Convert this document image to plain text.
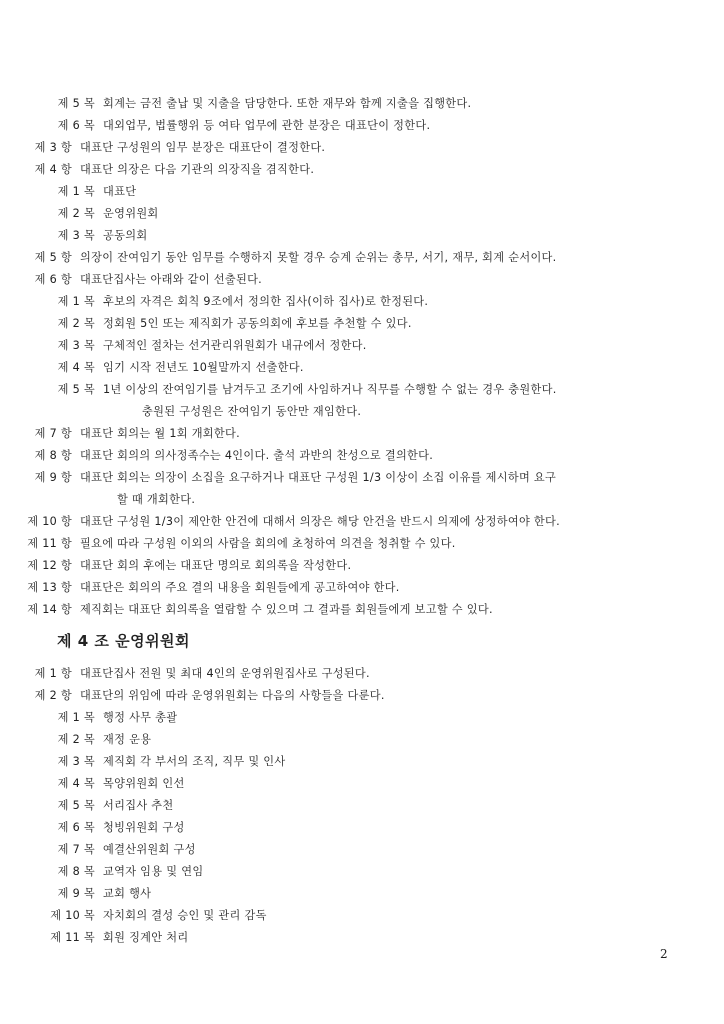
제 5 목 회계는 금전 출납 및 지출을 담당한다. 또한 재무와 함께 지출을 집행한다.
제 6 목 대외업무, 법률행위 등 여타 업무에 관한 분장은 대표단이 정한다.
제 3 항 대표단 구성원의 임무 분장은 대표단이 결정한다.
제 4 항 대표단 의장은 다음 기관의 의장직을 겸직한다.
제 1 목 대표단
제 2 목 운영위원회
제 3 목 공동의회
제 5 항 의장이 잔여임기 동안 임무를 수행하지 못할 경우 승계 순위는 총무, 서기, 재무, 회계 순서이다.
제 6 항 대표단집사는 아래와 같이 선출된다.
제 1 목 후보의 자격은 회칙 9조에서 정의한 집사(이하 집사)로 한정된다.
제 2 목 정회원 5인 또는 제직회가 공동의회에 후보를 추천할 수 있다.
제 3 목 구체적인 절차는 선거관리위원회가 내규에서 정한다.
제 4 목 임기 시작 전년도 10월말까지 선출한다.
제 5 목 1년 이상의 잔여임기를 남겨두고 조기에 사임하거나 직무를 수행할 수 없는 경우 충원한다.
충원된 구성원은 잔여임기 동안만 재임한다.
제 7 항 대표단 회의는 월 1회 개회한다.
제 8 항 대표단 회의의 의사정족수는 4인이다. 출석 과반의 찬성으로 결의한다.
제 9 항 대표단 회의는 의장이 소집을 요구하거나 대표단 구성원 1/3 이상이 소집 이유를 제시하며 요구
할 때 개회한다.
제 10 항 대표단 구성원 1/3이 제안한 안건에 대해서 의장은 해당 안건을 반드시 의제에 상정하여야 한다.
제 11 항 필요에 따라 구성원 이외의 사람을 회의에 초청하여 의견을 청취할 수 있다.
제 12 항 대표단 회의 후에는 대표단 명의로 회의록을 작성한다.
제 13 항 대표단은 회의의 주요 결의 내용을 회원들에게 공고하여야 한다.
제 14 항 제직회는 대표단 회의록을 열람할 수 있으며 그 결과를 회원들에게 보고할 수 있다.
제 4 조 운영위원회
제 1 항 대표단집사 전원 및 최대 4인의 운영위원집사로 구성된다.
제 2 항 대표단의 위임에 따라 운영위원회는 다음의 사항들을 다룬다.
제 1 목 행정 사무 총괄
제 2 목 재정 운용
제 3 목 제직회 각 부서의 조직, 직무 및 인사
제 4 목 목양위원회 인선
제 5 목 서리집사 추천
제 6 목 청빙위원회 구성
제 7 목 예결산위원회 구성
제 8 목 교역자 임용 및 연임
제 9 목 교회 행사
제 10 목 자치회의 결성 승인 및 관리 감독
제 11 목 회원 징계안 처리
2
